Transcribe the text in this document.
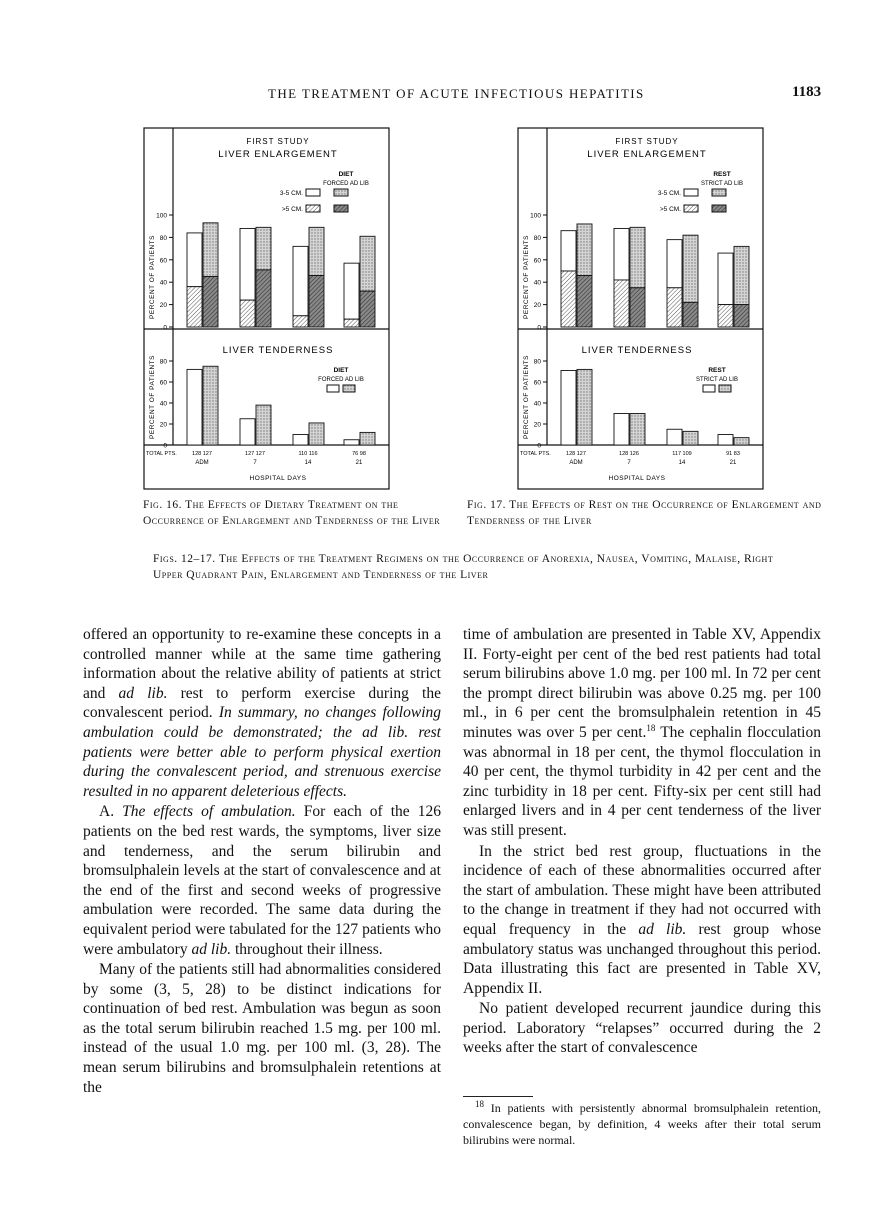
THE TREATMENT OF ACUTE INFECTIOUS HEPATITIS	1183
FIRST STUDY
LIVER ENLARGEMENT
DIET
FORCED AD LIB
3-5 CM.
>5 CM.
PERCENT OF PATIENTS
PERCENT OF PATIENTS
0
20
40
60
80
100
LIVER TENDERNESS
DIET
FORCED AD LIB
0
20
40
60
80
TOTAL PTS.	128 127
ADM
127 127
7
110 116
14
76 98
21
HOSPITAL DAYS
FIRST STUDY
LIVER ENLARGEMENT
REST
STRICT AD LIB
3-5 CM.
>5 CM.
PERCENT OF PATIENTS
PERCENT OF PATIENTS
0
20
40
60
80
100
LIVER TENDERNESS
REST
STRICT AD LIB
0
20
40
60
80
TOTAL PTS.	128 127
ADM
128 126
7
117 109
14
91 83
21
HOSPITAL DAYS
Fig. 16. The Effects of Dietary Treatment on the Occurrence of Enlargement and Tenderness of the Liver
Fig. 17. The Effects of Rest on the Occurrence of Enlargement and Tenderness of the Liver
Figs. 12–17. The Effects of the Treatment Regimens on the Occurrence of Anorexia, Nausea, Vomiting, Malaise, Right Upper Quadrant Pain, Enlargement and Tenderness of the Liver

offered an opportunity to re-examine these concepts in a controlled manner while at the same time gathering information about the relative ability of patients at strict and ad lib. rest to perform exercise during the convalescent period. In summary, no changes following ambulation could be demonstrated; the ad lib. rest patients were better able to perform physical exertion during the convalescent period, and strenuous exercise resulted in no apparent deleterious effects.

A. The effects of ambulation. For each of the 126 patients on the bed rest wards, the symptoms, liver size and tenderness, and the serum bilirubin and bromsulphalein levels at the start of convalescence and at the end of the first and second weeks of progressive ambulation were recorded. The same data during the equivalent period were tabulated for the 127 patients who were ambulatory ad lib. throughout their illness.

Many of the patients still had abnormalities considered by some (3, 5, 28) to be distinct indications for continuation of bed rest. Ambulation was begun as soon as the total serum bilirubin reached 1.5 mg. per 100 ml. instead of the usual 1.0 mg. per 100 ml. (3, 28). The mean serum bilirubins and bromsulphalein retentions at the

time of ambulation are presented in Table XV, Appendix II. Forty-eight per cent of the bed rest patients had total serum bilirubins above 1.0 mg. per 100 ml. In 72 per cent the prompt direct bilirubin was above 0.25 mg. per 100 ml., in 6 per cent the bromsulphalein retention in 45 minutes was over 5 per cent.$^{18}$ The cephalin flocculation was abnormal in 18 per cent, the thymol flocculation in 40 per cent, the thymol turbidity in 42 per cent and the zinc turbidity in 18 per cent. Fifty-six per cent still had enlarged livers and in 4 per cent tenderness of the liver was still present.

In the strict bed rest group, fluctuations in the incidence of each of these abnormalities occurred after the start of ambulation. These might have been attributed to the change in treatment if they had not occurred with equal frequency in the ad lib. rest group whose ambulatory status was unchanged throughout this period. Data illustrating this fact are presented in Table XV, Appendix II.

No patient developed recurrent jaundice during this period. Laboratory “relapses” occurred during the 2 weeks after the start of convalescence

$^{18}$ In patients with persistently abnormal bromsulphalein retention, convalescence began, by definition, 4 weeks after their total serum bilirubins were normal.
